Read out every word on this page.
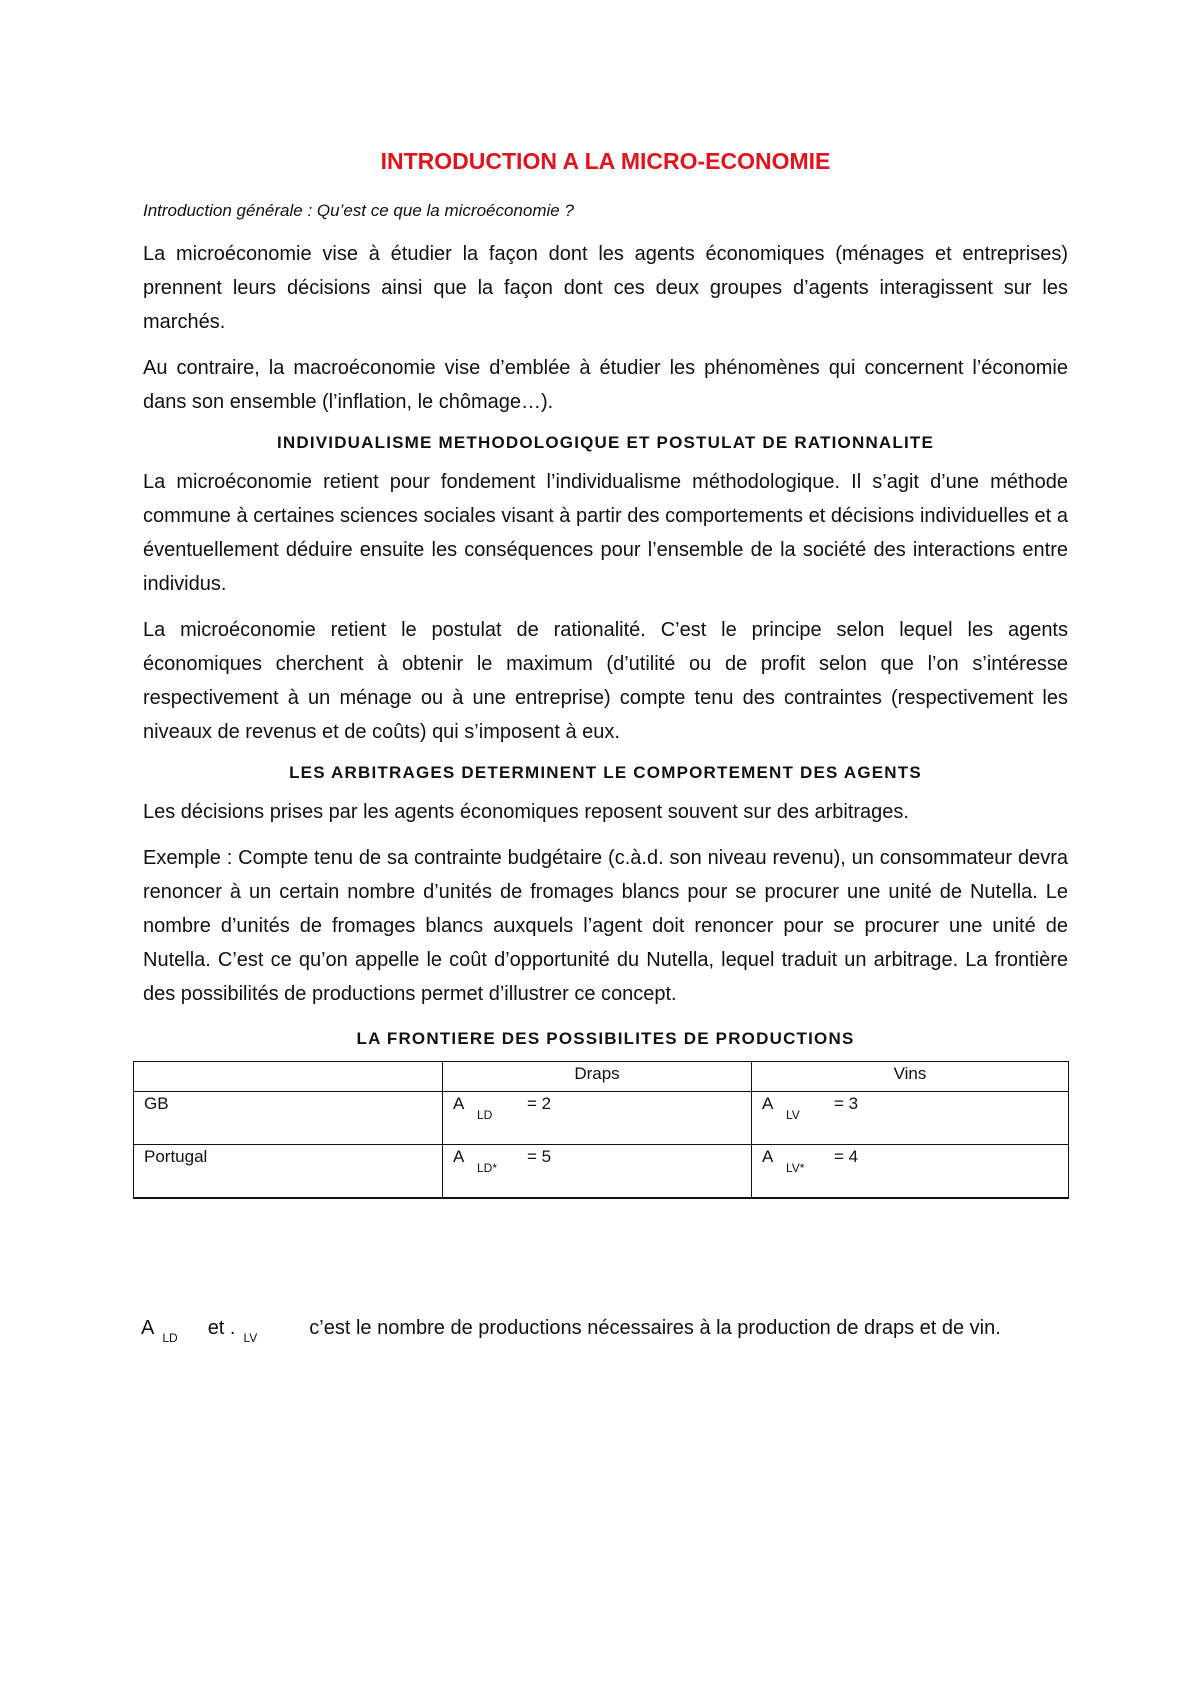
INTRODUCTION A LA MICRO-ECONOMIE
Introduction générale : Qu’est ce que la microéconomie ?

La microéconomie vise à étudier la façon dont les agents économiques (ménages et entreprises) prennent leurs décisions ainsi que la façon dont ces deux groupes d’agents interagissent sur les marchés.

Au contraire, la macroéconomie vise d’emblée à étudier les phénomènes qui concernent l’économie dans son ensemble (l’inflation, le chômage…).

INDIVIDUALISME METHODOLOGIQUE ET POSTULAT DE RATIONNALITE

La microéconomie retient pour fondement l’individualisme méthodologique. Il s’agit d’une méthode commune à certaines sciences sociales visant à partir des comportements et décisions individuelles et a éventuellement déduire ensuite les conséquences pour l’ensemble de la société des interactions entre individus.

La microéconomie retient le postulat de rationalité. C’est le principe selon lequel les agents économiques cherchent à obtenir le maximum (d’utilité ou de profit selon que l’on s’intéresse respectivement à un ménage ou à une entreprise) compte tenu des contraintes (respectivement les niveaux de revenus et de coûts) qui s’imposent à eux.

LES ARBITRAGES DETERMINENT LE COMPORTEMENT DES AGENTS

Les décisions prises par les agents économiques reposent souvent sur des arbitrages.

Exemple : Compte tenu de sa contrainte budgétaire (c.à.d. son niveau revenu), un consommateur devra renoncer à un certain nombre d’unités de fromages blancs pour se procurer une unité de Nutella. Le nombre d’unités de fromages blancs auxquels l’agent doit renoncer pour se procurer une unité de Nutella. C’est ce qu’on appelle le coût d’opportunité du Nutella, lequel traduit un arbitrage. La frontière des possibilités de productions permet d’illustrer ce concept.

LA FRONTIERE DES POSSIBILITES DE PRODUCTIONS
	Draps	Vins
GB	ALD= 2	ALV= 3
Portugal	ALD*= 5	ALV*= 4
A LD et . LV	c’est le nombre de productions nécessaires à la production de draps et de vin.
